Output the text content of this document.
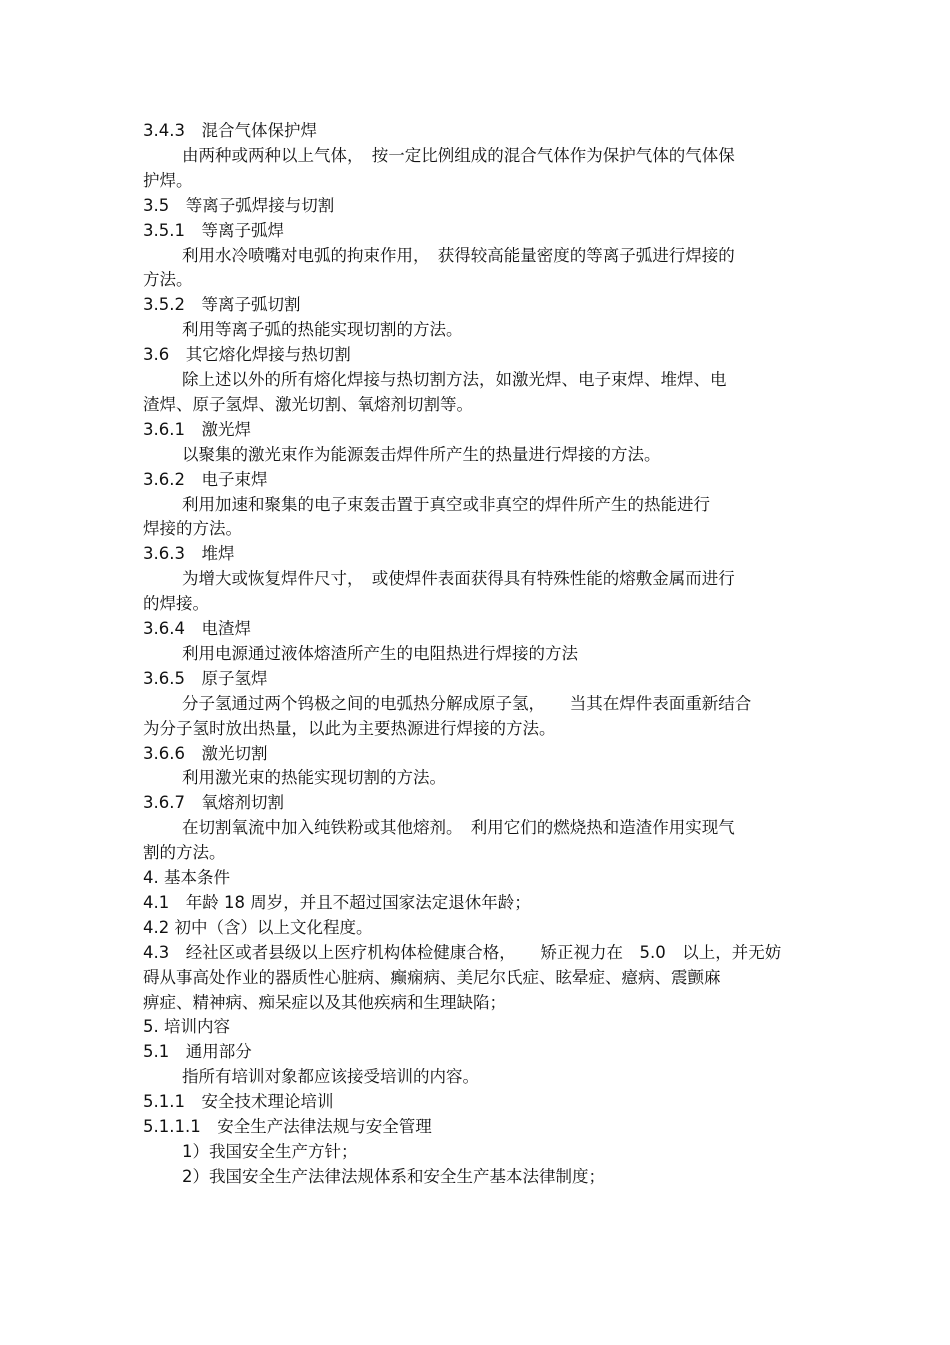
3.4.3　混合气体保护焊
由两种或两种以上气体，　按一定比例组成的混合气体作为保护气体的气体保
护焊。
3.5　等离子弧焊接与切割
3.5.1　等离子弧焊
利用水冷喷嘴对电弧的拘束作用，　获得较高能量密度的等离子弧进行焊接的
方法。
3.5.2　等离子弧切割
利用等离子弧的热能实现切割的方法。
3.6　其它熔化焊接与热切割
除上述以外的所有熔化焊接与热切割方法，如激光焊、电子束焊、堆焊、电
渣焊、原子氢焊、激光切割、氧熔剂切割等。
3.6.1　激光焊
以聚集的激光束作为能源轰击焊件所产生的热量进行焊接的方法。
3.6.2　电子束焊
利用加速和聚集的电子束轰击置于真空或非真空的焊件所产生的热能进行
焊接的方法。
3.6.3　堆焊
为增大或恢复焊件尺寸，　或使焊件表面获得具有特殊性能的熔敷金属而进行
的焊接。
3.6.4　电渣焊
利用电源通过液体熔渣所产生的电阻热进行焊接的方法
3.6.5　原子氢焊
分子氢通过两个钨极之间的电弧热分解成原子氢，　　当其在焊件表面重新结合
为分子氢时放出热量，以此为主要热源进行焊接的方法。
3.6.6　激光切割
利用激光束的热能实现切割的方法。
3.6.7　氧熔剂切割
在切割氧流中加入纯铁粉或其他熔剂。　利用它们的燃烧热和造渣作用实现气
割的方法。
4. 基本条件
4.1　年龄 18 周岁，并且不超过国家法定退休年龄；
4.2 初中（含）以上文化程度。
4.3　经社区或者县级以上医疗机构体检健康合格，　　矫正视力在　5.0　以上，并无妨
碍从事高处作业的器质性心脏病、癫痫病、美尼尔氏症、眩晕症、癔病、震颤麻
痹症、精神病、痴呆症以及其他疾病和生理缺陷；
5. 培训内容
5.1　通用部分
指所有培训对象都应该接受培训的内容。
5.1.1　安全技术理论培训
5.1.1.1　安全生产法律法规与安全管理
1）我国安全生产方针；
2）我国安全生产法律法规体系和安全生产基本法律制度；
